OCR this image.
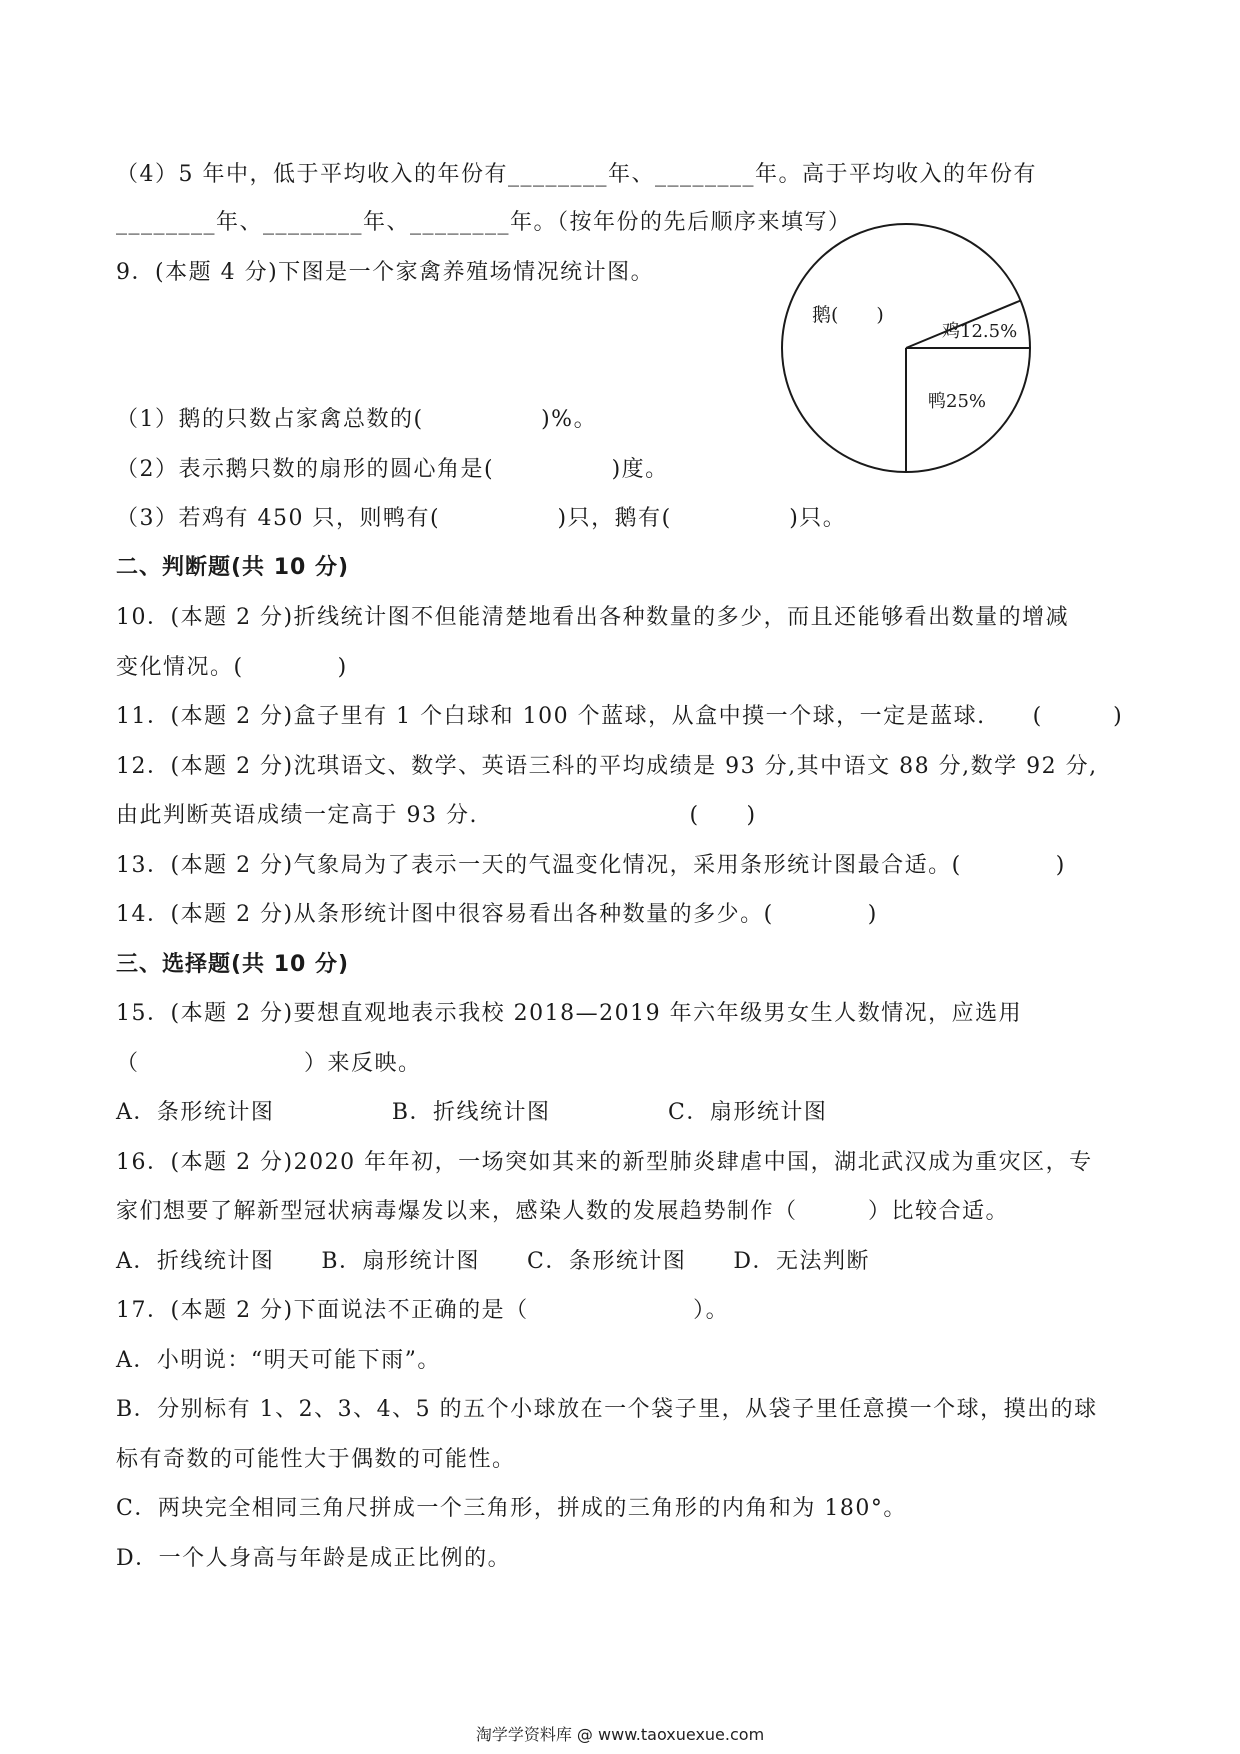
（4）5 年中，低于平均收入的年份有________年、________年。高于平均收入的年份有
________年、________年、________年。（按年份的先后顺序来填写）
9．(本题 4 分)下图是一个家禽养殖场情况统计图。
鹅(　　)
鸡12.5%
鸭25%
（1）鹅的只数占家禽总数的(　　　　　)%。
（2）表示鹅只数的扇形的圆心角是(　　　　　)度。
（3）若鸡有 450 只，则鸭有(　　　　　)只，鹅有(　　　　　)只。
二、判断题(共 10 分)
10．(本题 2 分)折线统计图不但能清楚地看出各种数量的多少，而且还能够看出数量的增减
变化情况。(　　　　)
11．(本题 2 分)盒子里有 1 个白球和 100 个蓝球，从盒中摸一个球，一定是蓝球.　　(　　　)
12．(本题 2 分)沈琪语文、数学、英语三科的平均成绩是 93 分,其中语文 88 分,数学 92 分,
由此判断英语成绩一定高于 93 分.　　　　　　　　　(　　)
13．(本题 2 分)气象局为了表示一天的气温变化情况，采用条形统计图最合适。(　　　　)
14．(本题 2 分)从条形统计图中很容易看出各种数量的多少。(　　　　)
三、选择题(共 10 分)
15．(本题 2 分)要想直观地表示我校 2018—2019 年六年级男女生人数情况，应选用
（　　　　　　　）来反映。
A．条形统计图　　　　　B．折线统计图　　　　　C．扇形统计图
16．(本题 2 分)2020 年年初，一场突如其来的新型肺炎肆虐中国，湖北武汉成为重灾区，专
家们想要了解新型冠状病毒爆发以来，感染人数的发展趋势制作（　　　）比较合适。
A．折线统计图　　B．扇形统计图　　C．条形统计图　　D．无法判断
17．(本题 2 分)下面说法不正确的是（　　　　　　　）。
A．小明说：“明天可能下雨”。
B．分别标有 1、2、3、4、5 的五个小球放在一个袋子里，从袋子里任意摸一个球，摸出的球
标有奇数的可能性大于偶数的可能性。
C．两块完全相同三角尺拼成一个三角形，拼成的三角形的内角和为 180°。
D．一个人身高与年龄是成正比例的。
淘学学资料库 @ www.taoxuexue.com
